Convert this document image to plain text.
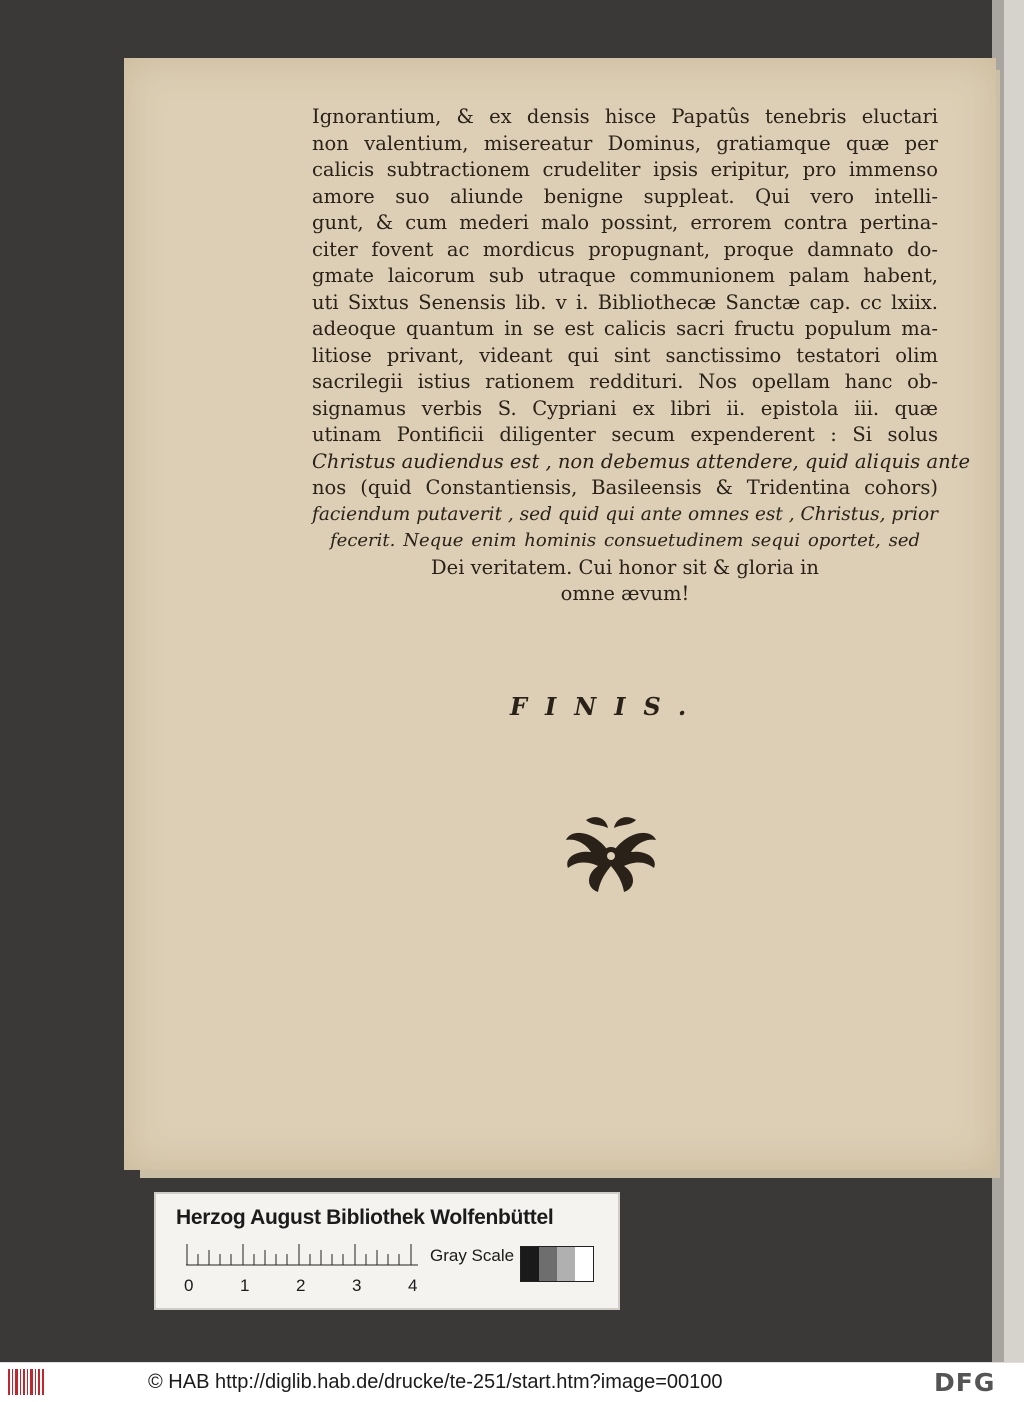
Ignorantium, & ex densis hisce Papatûs tenebris eluctari
non valentium, misereatur Dominus, gratiamque quæ per
calicis subtractionem crudeliter ipsis eripitur, pro immenso
amore suo aliunde benigne suppleat. Qui vero intelli-
gunt, & cum mederi malo possint, errorem contra pertina-
citer fovent ac mordicus propugnant, proque damnato do-
gmate laicorum sub utraque communionem palam habent,
uti Sixtus Senensis lib. v i. Bibliothecæ Sanctæ cap. cc lxiix.
adeoque quantum in se est calicis sacri fructu populum ma-
litiose privant, videant qui sint sanctissimo testatori olim
sacrilegii istius rationem reddituri. Nos opellam hanc ob-
signamus verbis S. Cypriani ex libri ii. epistola iii. quæ
utinam Pontificii diligenter secum expenderent : Si solus
Christus audiendus est , non debemus attendere, quid aliquis ante
nos (quid Constantiensis, Basileensis & Tridentina cohors)
faciendum putaverit , sed quid qui ante omnes est , Christus, prior
fecerit. Neque enim hominis consuetudinem sequi oportet, sed
Dei veritatem. Cui honor sit & gloria in
omne ævum!
FINIS.
Herzog August Bibliothek Wolfenbüttel
0	1	2	3	4
Gray Scale
© HAB http://diglib.hab.de/drucke/te-251/start.htm?image=00100	DFG
